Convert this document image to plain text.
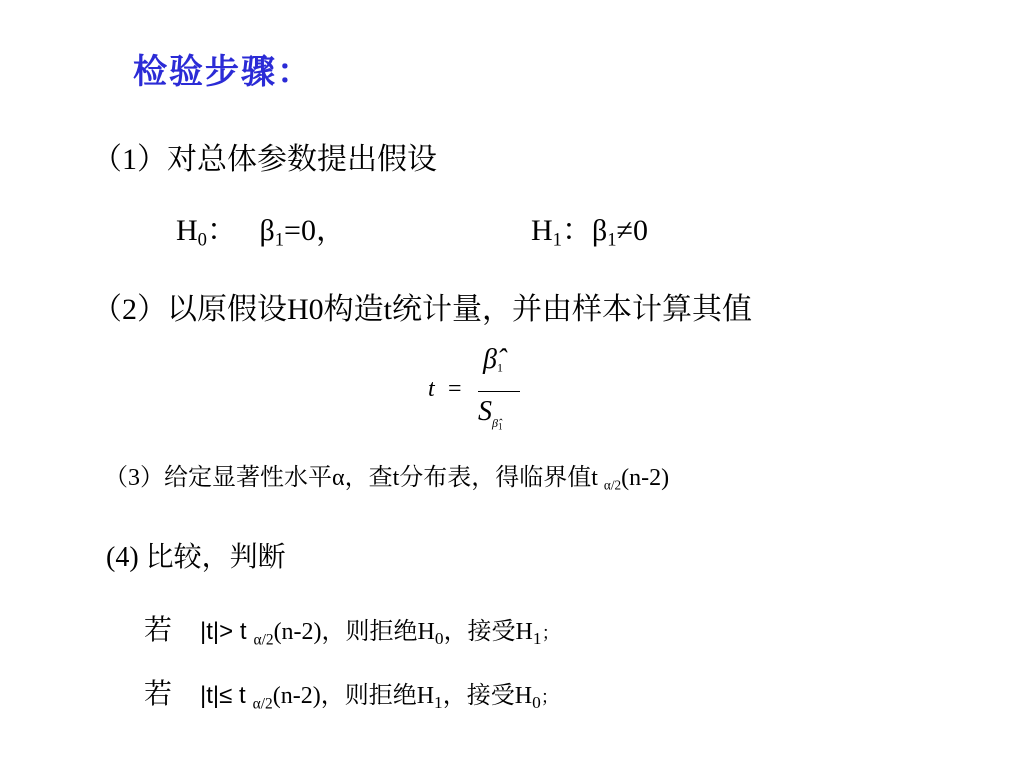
检验步骤：
（1）对总体参数提出假设
$H_0$： $\beta_1=0$，	$H_1$：$\beta_1\ne 0$
（2）以原假设H0构造t统计量，并由样本计算其值
t =
$\betâ_1$
$S_{\betâ_1}$
（3）给定显著性水平α，查t分布表，得临界值t $_{\alpha/2}$(n-2)
(4) 比较，判断
若 |t|> t $_{\alpha/2}$(n-2)，则拒绝$H_0$，接受$H_1$；
若 |t|≤ t $_{\alpha/2}$(n-2)，则拒绝$H_1$，接受$H_0$；
